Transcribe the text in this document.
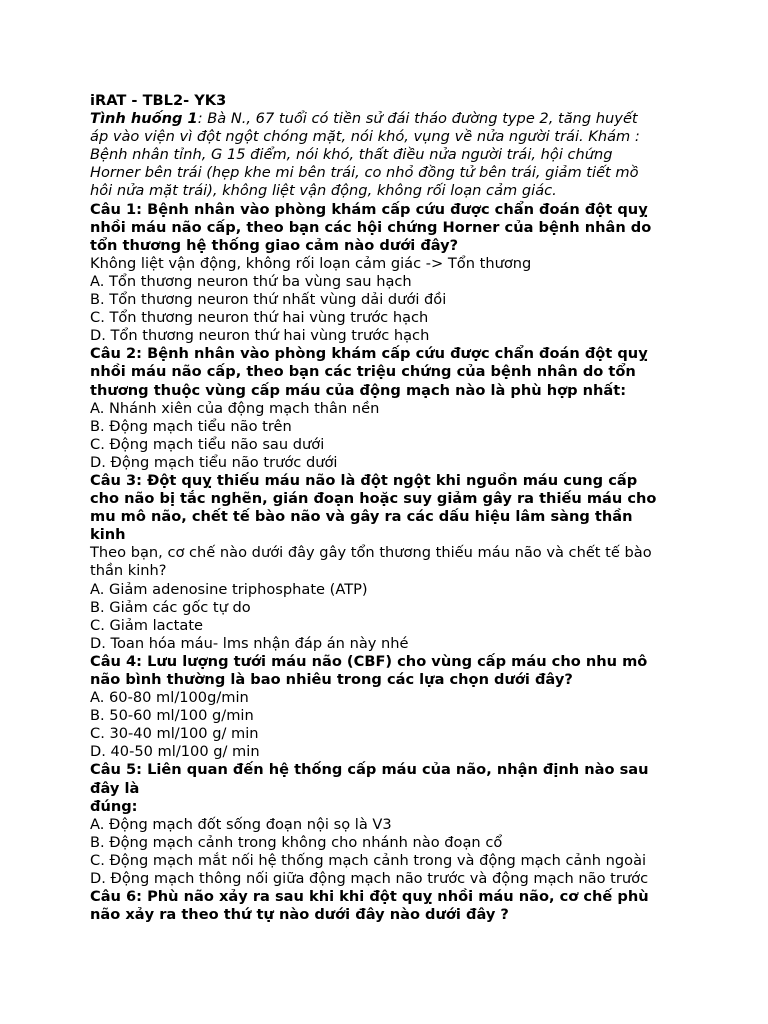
iRAT - TBL2- YK3
Tình huống 1: Bà N., 67 tuổi có tiền sử đái tháo đường type 2, tăng huyết
áp vào viện vì đột ngột chóng mặt, nói khó, vụng về nửa người trái. Khám :
Bệnh nhân tỉnh, G 15 điểm, nói khó, thất điều nửa người trái, hội chứng
Horner bên trái (hẹp khe mi bên trái, co nhỏ đồng tử bên trái, giảm tiết mồ
hôi nửa mặt trái), không liệt vận động, không rối loạn cảm giác.
Câu 1: Bệnh nhân vào phòng khám cấp cứu được chẩn đoán đột quỵ
nhồi máu não cấp, theo bạn các hội chứng Horner của bệnh nhân do
tổn thương hệ thống giao cảm nào dưới đây?
Không liệt vận động, không rối loạn cảm giác -> Tổn thương
A. Tổn thương neuron thứ ba vùng sau hạch
B. Tổn thương neuron thứ nhất vùng dải dưới đồi
C. Tổn thương neuron thứ hai vùng trước hạch
D. Tổn thương neuron thứ hai vùng trước hạch
Câu 2: Bệnh nhân vào phòng khám cấp cứu được chẩn đoán đột quỵ
nhồi máu não cấp, theo bạn các triệu chứng của bệnh nhân do tổn
thương thuộc vùng cấp máu của động mạch nào là phù hợp nhất:
A. Nhánh xiên của động mạch thân nền
B. Động mạch tiểu não trên
C. Động mạch tiểu não sau dưới
D. Động mạch tiểu não trước dưới
Câu 3: Đột quỵ thiếu máu não là đột ngột khi nguồn máu cung cấp
cho não bị tắc nghẽn, gián đoạn hoặc suy giảm gây ra thiếu máu cho
mu mô não, chết tế bào não và gây ra các dấu hiệu lâm sàng thần
kinh
Theo bạn, cơ chế nào dưới đây gây tổn thương thiếu máu não và chết tế bào
thần kinh?
A. Giảm adenosine triphosphate (ATP)
B. Giảm các gốc tự do
C. Giảm lactate
D. Toan hóa máu- lms nhận đáp án này nhé
Câu 4: Lưu lượng tưới máu não (CBF) cho vùng cấp máu cho nhu mô
não bình thường là bao nhiêu trong các lựa chọn dưới đây?
A. 60-80 ml/100g/min
B. 50-60 ml/100 g/min
C. 30-40 ml/100 g/ min
D. 40-50 ml/100 g/ min
Câu 5: Liên quan đến hệ thống cấp máu của não, nhận định nào sau
đây là
đúng:
A. Động mạch đốt sống đoạn nội sọ là V3
B. Động mạch cảnh trong không cho nhánh nào đoạn cổ
C. Động mạch mắt nối hệ thống mạch cảnh trong và động mạch cảnh ngoài
D. Động mạch thông nối giữa động mạch não trước và động mạch não trước
Câu 6: Phù não xảy ra sau khi khi đột quỵ nhồi máu não, cơ chế phù
não xảy ra theo thứ tự nào dưới đây nào dưới đây ?
